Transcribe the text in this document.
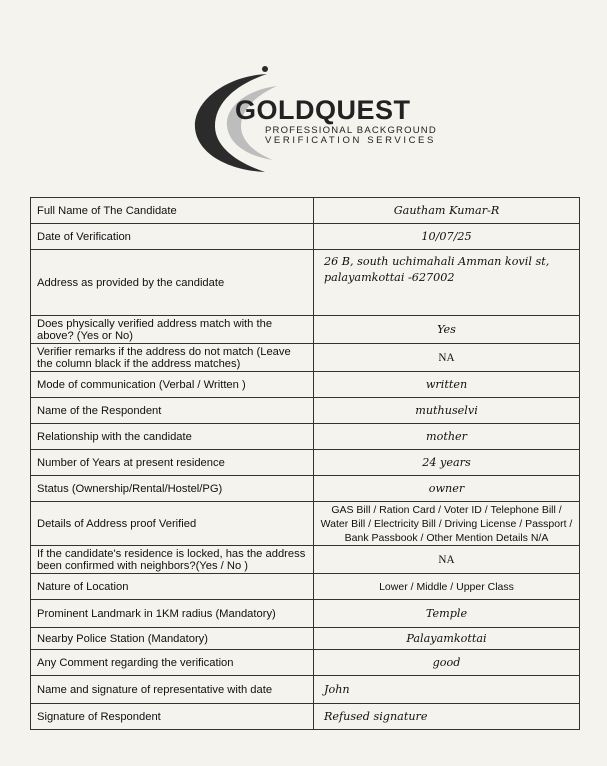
GOLDQUEST
PROFESSIONAL BACKGROUND
VERIFICATION SERVICES
Full Name of The Candidate	Gautham Kumar-R
Date of Verification	10/07/25
Address as provided by the candidate	26 B, south uchimahali Amman kovil st, palayamkottai -627002
Does physically verified address match with the above? (Yes or No)	Yes
Verifier remarks if the address do not match (Leave the column black if the address matches)	NA
Mode of communication (Verbal / Written )	written
Name of the Respondent	muthuselvi
Relationship with the candidate	mother
Number of Years at present residence	24 years
Status (Ownership/Rental/Hostel/PG)	owner
Details of Address proof Verified	GAS Bill / Ration Card / Voter ID / Telephone Bill / Water Bill / Electricity Bill / Driving License / Passport / Bank Passbook / Other Mention Details N/A
If the candidate's residence is locked, has the address been confirmed with neighbors?(Yes / No )	NA
Nature of Location	Lower / Middle / Upper Class
Prominent Landmark in 1KM radius (Mandatory)	Temple
Nearby Police Station (Mandatory)	Palayamkottai
Any Comment regarding the verification	good
Name and signature of representative with date	John
Signature of Respondent	Refused signature
